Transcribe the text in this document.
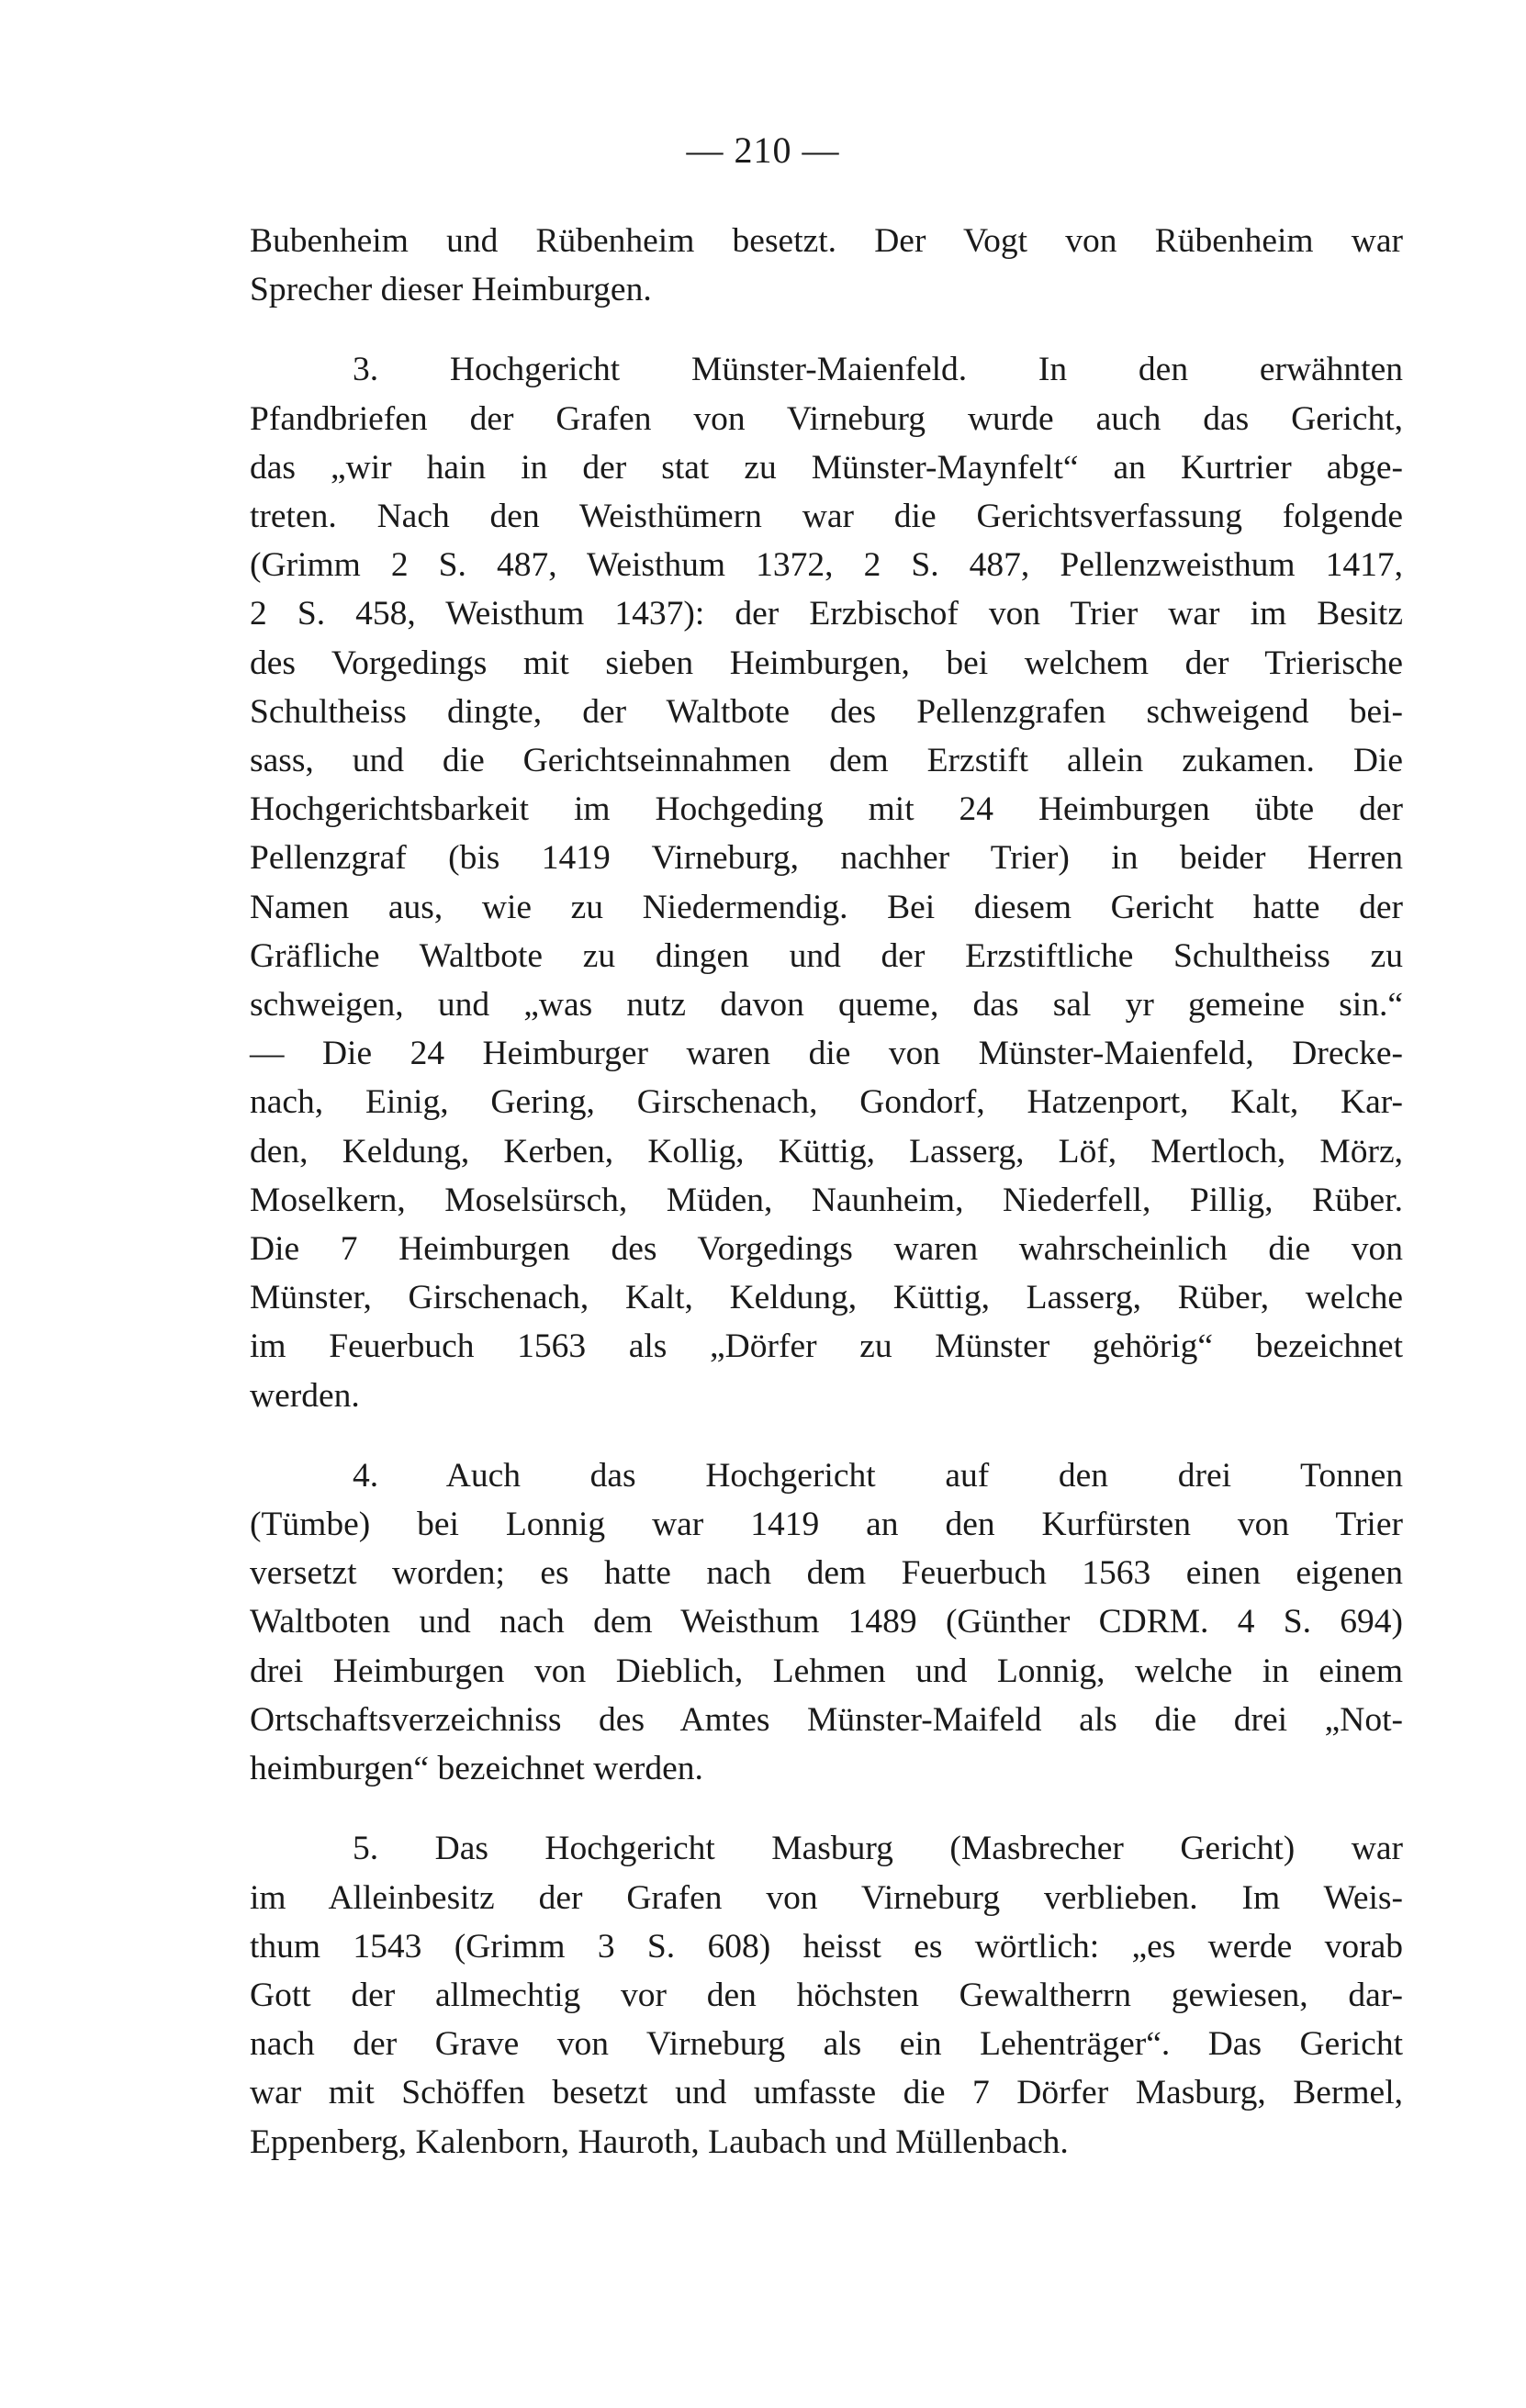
— 210 —

Bubenheim und Rübenheim besetzt. Der Vogt von Rübenheim war
Sprecher dieser Heimburgen.

3. Hochgericht Münster-Maienfeld. In den erwähnten
Pfandbriefen der Grafen von Virneburg wurde auch das Gericht,
das „wir hain in der stat zu Münster-Maynfelt“ an Kurtrier abge-
treten. Nach den Weisthümern war die Gerichtsverfassung folgende
(Grimm 2 S. 487, Weisthum 1372, 2 S. 487, Pellenzweisthum 1417,
2 S. 458, Weisthum 1437): der Erzbischof von Trier war im Besitz
des Vorgedings mit sieben Heimburgen, bei welchem der Trierische
Schultheiss dingte, der Waltbote des Pellenzgrafen schweigend bei-
sass, und die Gerichtseinnahmen dem Erzstift allein zukamen. Die
Hochgerichtsbarkeit im Hochgeding mit 24 Heimburgen übte der
Pellenzgraf (bis 1419 Virneburg, nachher Trier) in beider Herren
Namen aus, wie zu Niedermendig. Bei diesem Gericht hatte der
Gräfliche Waltbote zu dingen und der Erzstiftliche Schultheiss zu
schweigen, und „was nutz davon queme, das sal yr gemeine sin.“
— Die 24 Heimburger waren die von Münster-Maienfeld, Drecke-
nach, Einig, Gering, Girschenach, Gondorf, Hatzenport, Kalt, Kar-
den, Keldung, Kerben, Kollig, Küttig, Lasserg, Löf, Mertloch, Mörz,
Moselkern, Moselsürsch, Müden, Naunheim, Niederfell, Pillig, Rüber.
Die 7 Heimburgen des Vorgedings waren wahrscheinlich die von
Münster, Girschenach, Kalt, Keldung, Küttig, Lasserg, Rüber, welche
im Feuerbuch 1563 als „Dörfer zu Münster gehörig“ bezeichnet
werden.

4. Auch das Hochgericht auf den drei Tonnen
(Tümbe) bei Lonnig war 1419 an den Kurfürsten von Trier
versetzt worden; es hatte nach dem Feuerbuch 1563 einen eigenen
Waltboten und nach dem Weisthum 1489 (Günther CDRM. 4 S. 694)
drei Heimburgen von Dieblich, Lehmen und Lonnig, welche in einem
Ortschaftsverzeichniss des Amtes Münster-Maifeld als die drei „Not-
heimburgen“ bezeichnet werden.

5. Das Hochgericht Masburg (Masbrecher Gericht) war
im Alleinbesitz der Grafen von Virneburg verblieben. Im Weis-
thum 1543 (Grimm 3 S. 608) heisst es wörtlich: „es werde vorab
Gott der allmechtig vor den höchsten Gewaltherrn gewiesen, dar-
nach der Grave von Virneburg als ein Lehenträger“. Das Gericht
war mit Schöffen besetzt und umfasste die 7 Dörfer Masburg, Bermel,
Eppenberg, Kalenborn, Hauroth, Laubach und Müllenbach.
